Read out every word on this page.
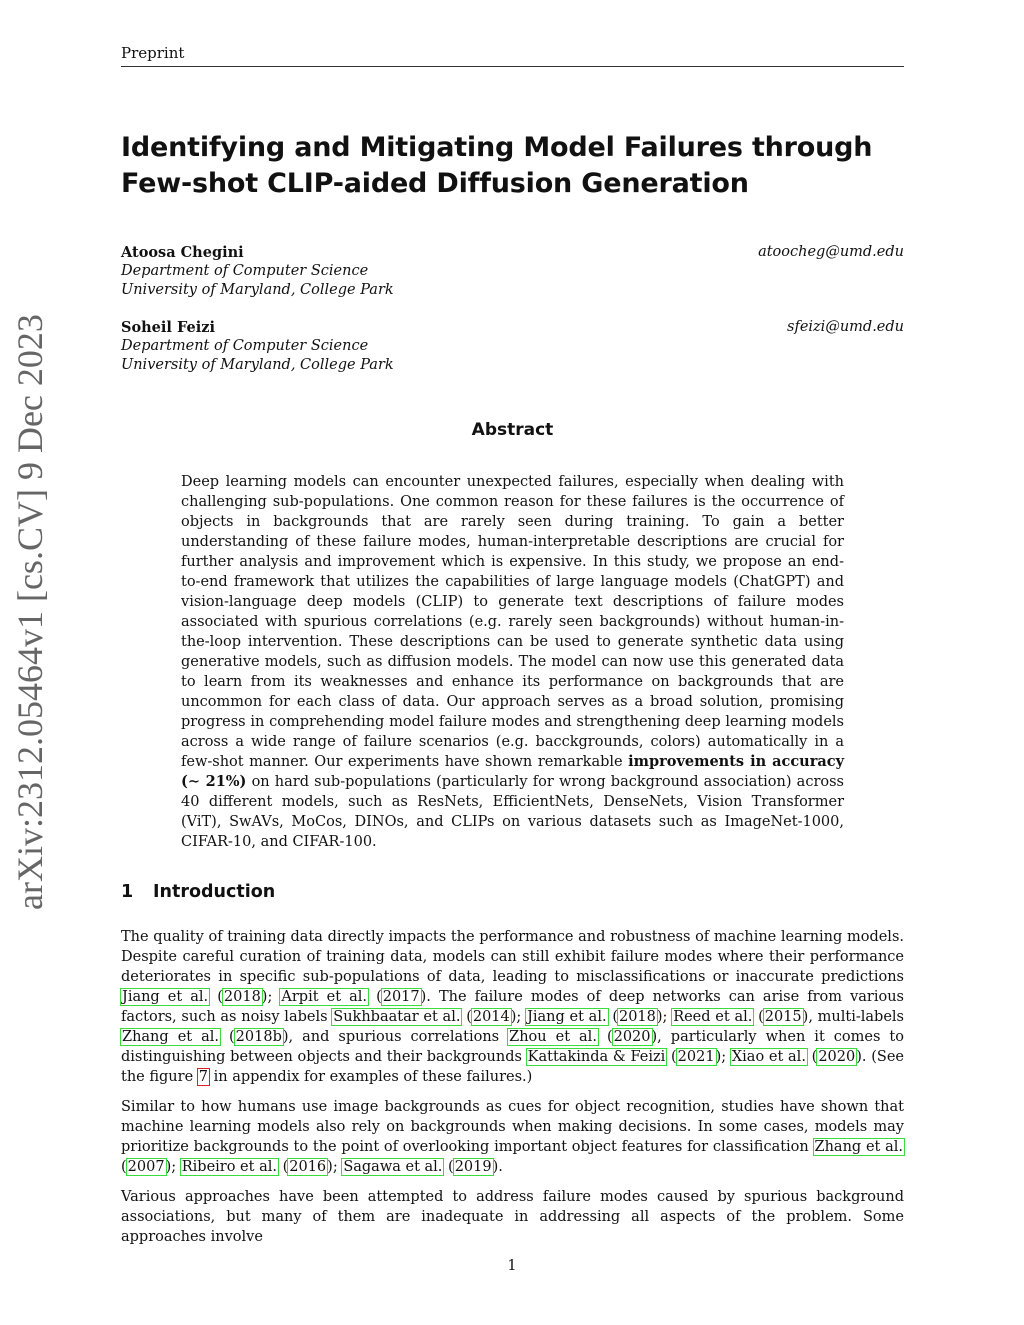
Preprint
arXiv:2312.05464v1 [cs.CV] 9 Dec 2023
Identifying and Mitigating Model Failures through Few-shot CLIP-aided Diffusion Generation
Atoosa Chegini	atoocheg@umd.edu
Department of Computer Science
University of Maryland, College Park
Soheil Feizi	sfeizi@umd.edu
Department of Computer Science
University of Maryland, College Park
Abstract
Deep learning models can encounter unexpected failures, especially when dealing with challenging sub-populations. One common reason for these failures is the occurrence of objects in backgrounds that are rarely seen during training. To gain a better understanding of these failure modes, human-interpretable descriptions are crucial for further analysis and improvement which is expensive. In this study, we propose an end-to-end framework that utilizes the capabilities of large language models (ChatGPT) and vision-language deep models (CLIP) to generate text descriptions of failure modes associated with spurious correlations (e.g. rarely seen backgrounds) without human-in-the-loop intervention. These descriptions can be used to generate synthetic data using generative models, such as diffusion models. The model can now use this generated data to learn from its weaknesses and enhance its performance on backgrounds that are uncommon for each class of data. Our approach serves as a broad solution, promising progress in comprehending model failure modes and strengthening deep learning models across a wide range of failure scenarios (e.g. bacckgrounds, colors) automatically in a few-shot manner. Our experiments have shown remarkable improvements in accuracy (∼ 21%) on hard sub-populations (particularly for wrong background association) across 40 different models, such as ResNets, EfficientNets, DenseNets, Vision Transformer (ViT), SwAVs, MoCos, DINOs, and CLIPs on various datasets such as ImageNet-1000, CIFAR-10, and CIFAR-100.
1 Introduction
The quality of training data directly impacts the performance and robustness of machine learning models. Despite careful curation of training data, models can still exhibit failure modes where their performance deteriorates in specific sub-populations of data, leading to misclassifications or inaccurate predictions Jiang et al. (2018); Arpit et al. (2017). The failure modes of deep networks can arise from various factors, such as noisy labels Sukhbaatar et al. (2014); Jiang et al. (2018); Reed et al. (2015), multi-labels Zhang et al. (2018b), and spurious correlations Zhou et al. (2020), particularly when it comes to distinguishing between objects and their backgrounds Kattakinda & Feizi (2021); Xiao et al. (2020). (See the figure 7 in appendix for examples of these failures.)
Similar to how humans use image backgrounds as cues for object recognition, studies have shown that machine learning models also rely on backgrounds when making decisions. In some cases, models may prioritize backgrounds to the point of overlooking important object features for classification Zhang et al. (2007); Ribeiro et al. (2016); Sagawa et al. (2019).
Various approaches have been attempted to address failure modes caused by spurious background associations, but many of them are inadequate in addressing all aspects of the problem. Some approaches involve
1
